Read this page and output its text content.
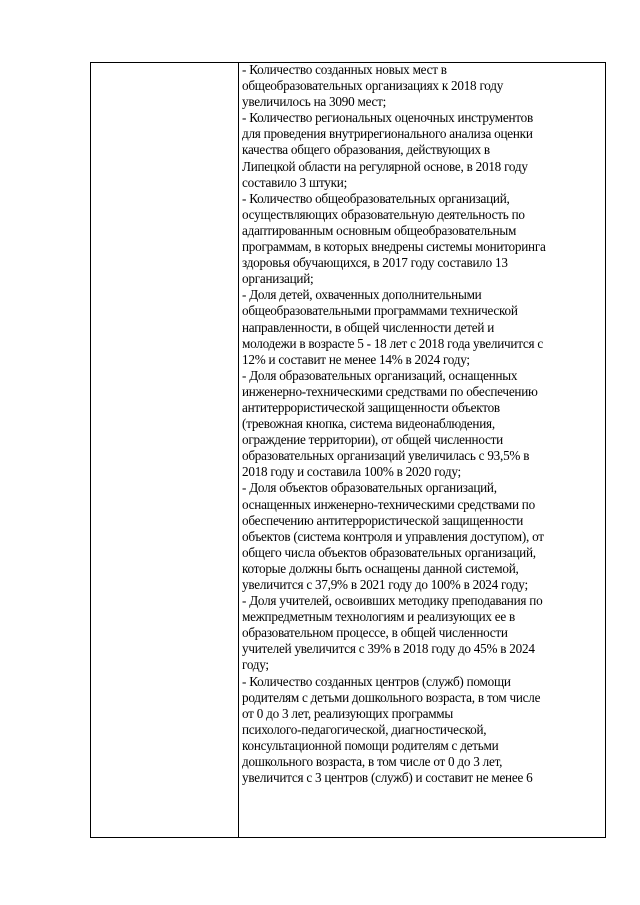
- Количество созданных новых мест в
общеобразовательных организациях к 2018 году
увеличилось на 3090 мест;
- Количество региональных оценочных инструментов
для проведения внутрирегионального анализа оценки
качества общего образования, действующих в
Липецкой области на регулярной основе, в 2018 году
составило 3 штуки;
- Количество общеобразовательных организаций,
осуществляющих образовательную деятельность по
адаптированным основным общеобразовательным
программам, в которых внедрены системы мониторинга
здоровья обучающихся, в 2017 году составило 13
организаций;
- Доля детей, охваченных дополнительными
общеобразовательными программами технической
направленности, в общей численности детей и
молодежи в возрасте 5 - 18 лет с 2018 года увеличится с
12% и составит не менее 14% в 2024 году;
- Доля образовательных организаций, оснащенных
инженерно-техническими средствами по обеспечению
антитеррористической защищенности объектов
(тревожная кнопка, система видеонаблюдения,
ограждение территории), от общей численности
образовательных организаций увеличилась с 93,5% в
2018 году и составила 100% в 2020 году;
- Доля объектов образовательных организаций,
оснащенных инженерно-техническими средствами по
обеспечению антитеррористической защищенности
объектов (система контроля и управления доступом), от
общего числа объектов образовательных организаций,
которые должны быть оснащены данной системой,
увеличится с 37,9% в 2021 году до 100% в 2024 году;
- Доля учителей, освоивших методику преподавания по
межпредметным технологиям и реализующих ее в
образовательном процессе, в общей численности
учителей увеличится с 39% в 2018 году до 45% в 2024
году;
- Количество созданных центров (служб) помощи
родителям с детьми дошкольного возраста, в том числе
от 0 до 3 лет, реализующих программы
психолого-педагогической, диагностической,
консультационной помощи родителям с детьми
дошкольного возраста, в том числе от 0 до 3 лет,
увеличится с 3 центров (служб) и составит не менее 6
